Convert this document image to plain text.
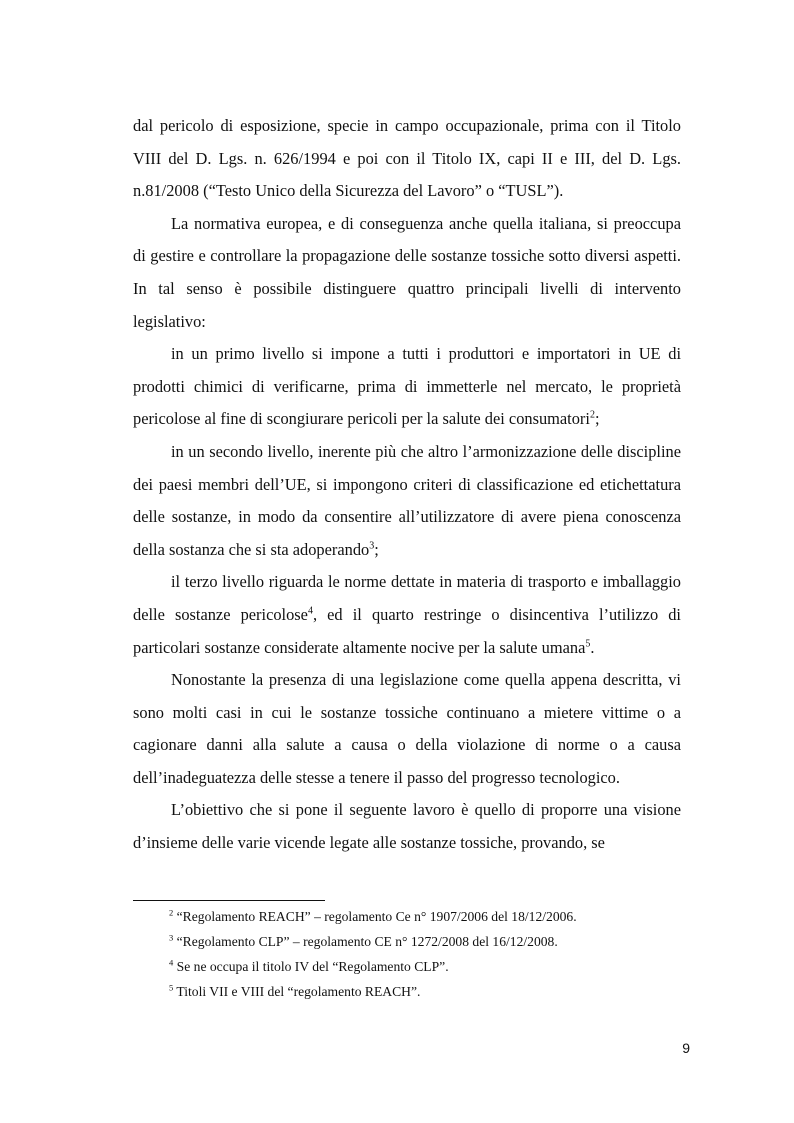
dal pericolo di esposizione, specie in campo occupazionale, prima con il Titolo VIII del D. Lgs. n. 626/1994 e poi con il Titolo IX, capi II e III, del D. Lgs. n.81/2008 (“Testo Unico della Sicurezza del Lavoro” o “TUSL”).

La normativa europea, e di conseguenza anche quella italiana, si preoccupa di gestire e controllare la propagazione delle sostanze tossiche sotto diversi aspetti. In tal senso è possibile distinguere quattro principali livelli di intervento legislativo:

in un primo livello si impone a tutti i produttori e importatori in UE di prodotti chimici di verificarne, prima di immetterle nel mercato, le proprietà pericolose al fine di scongiurare pericoli per la salute dei consumatori$^2$;

in un secondo livello, inerente più che altro l’armonizzazione delle discipline dei paesi membri dell’UE, si impongono criteri di classificazione ed etichettatura delle sostanze, in modo da consentire all’utilizzatore di avere piena conoscenza della sostanza che si sta adoperando$^3$;

il terzo livello riguarda le norme dettate in materia di trasporto e imballaggio delle sostanze pericolose$^4$, ed il quarto restringe o disincentiva l’utilizzo di particolari sostanze considerate altamente nocive per la salute umana$^5$.

Nonostante la presenza di una legislazione come quella appena descritta, vi sono molti casi in cui le sostanze tossiche continuano a mietere vittime o a cagionare danni alla salute a causa o della violazione di norme o a causa dell’inadeguatezza delle stesse a tenere il passo del progresso tecnologico.

L’obiettivo che si pone il seguente lavoro è quello di proporre una visione d’insieme delle varie vicende legate alle sostanze tossiche, provando, se

$^2$ “Regolamento REACH” – regolamento Ce n° 1907/2006 del 18/12/2006.

$^3$ “Regolamento CLP” – regolamento CE n° 1272/2008 del 16/12/2008.

$^4$ Se ne occupa il titolo IV del “Regolamento CLP”.

$^5$ Titoli VII e VIII del “regolamento REACH”.

9
